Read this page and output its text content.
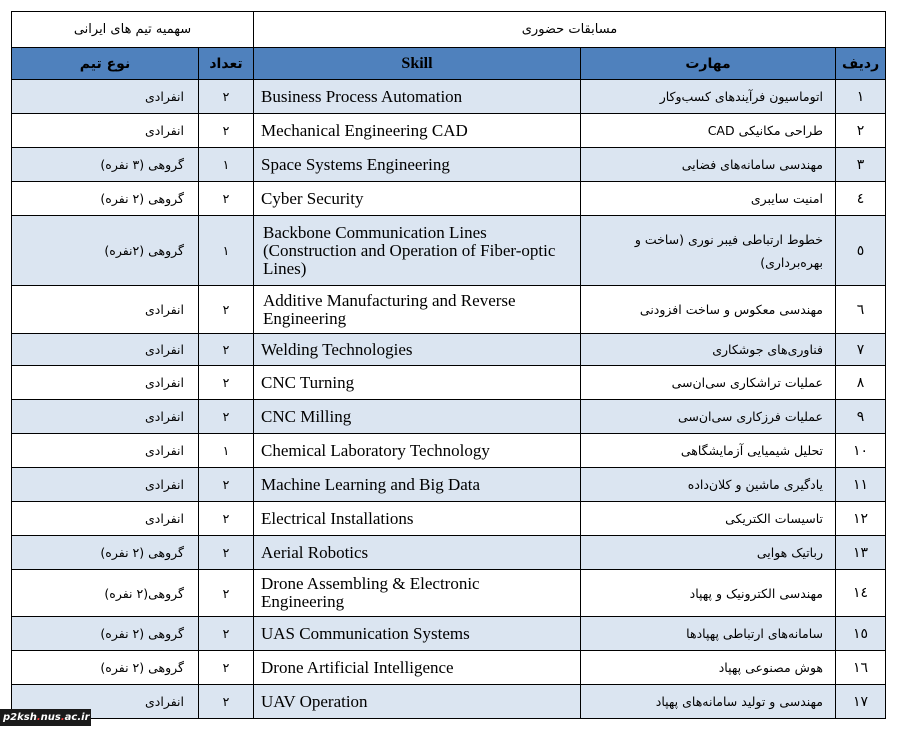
سهمیه تیم های ایرانی		مسابقات حضوری		
نوع تیم	تعداد	Skill	مهارت	ردیف
انفرادی	۲	Business Process Automation	اتوماسیون فرآیندهای کسب‌وکار	۱
انفرادی	۲	Mechanical Engineering CAD	طراحی مکانیکی CAD	۲
گروهی (۳ نفره)	۱	Space Systems Engineering	مهندسی سامانه‌های فضایی	۳
گروهی (۲ نفره)	۲	Cyber Security	امنیت سایبری	٤
گروهی (۲نفره)	۱	Backbone Communication Lines (Construction and Operation of Fiber-optic Lines)	خطوط ارتباطی فیبر نوری (ساخت و بهره‌برداری)	٥
انفرادی	۲	Additive Manufacturing and Reverse Engineering	مهندسی معکوس و ساخت افزودنی	٦
انفرادی	۲	Welding Technologies	فناوری‌های جوشکاری	۷
انفرادی	۲	CNC Turning	عملیات تراشکاری سی‌ان‌سی	۸
انفرادی	۲	CNC Milling	عملیات فرزکاری سی‌ان‌سی	۹
انفرادی	۱	Chemical Laboratory Technology	تحلیل شیمیایی آزمایشگاهی	۱۰
انفرادی	۲	Machine Learning and Big Data	یادگیری ماشین و کلان‌داده	۱۱
انفرادی	۲	Electrical Installations	تاسیسات الکتریکی	۱۲
گروهی (۲ نفره)	۲	Aerial Robotics	رباتیک هوایی	۱۳
گروهی(۲ نفره)	۲	Drone Assembling & Electronic Engineering	مهندسی الکترونیک و پهپاد	۱٤
گروهی (۲ نفره)	۲	UAS Communication Systems	سامانه‌های ارتباطی پهپادها	۱٥
گروهی (۲ نفره)	۲	Drone Artificial Intelligence	هوش مصنوعی پهپاد	۱٦
انفرادی	۲	UAV Operation	مهندسی و تولید سامانه‌های پهپاد	۱۷
p2ksh.nus.ac.ir
